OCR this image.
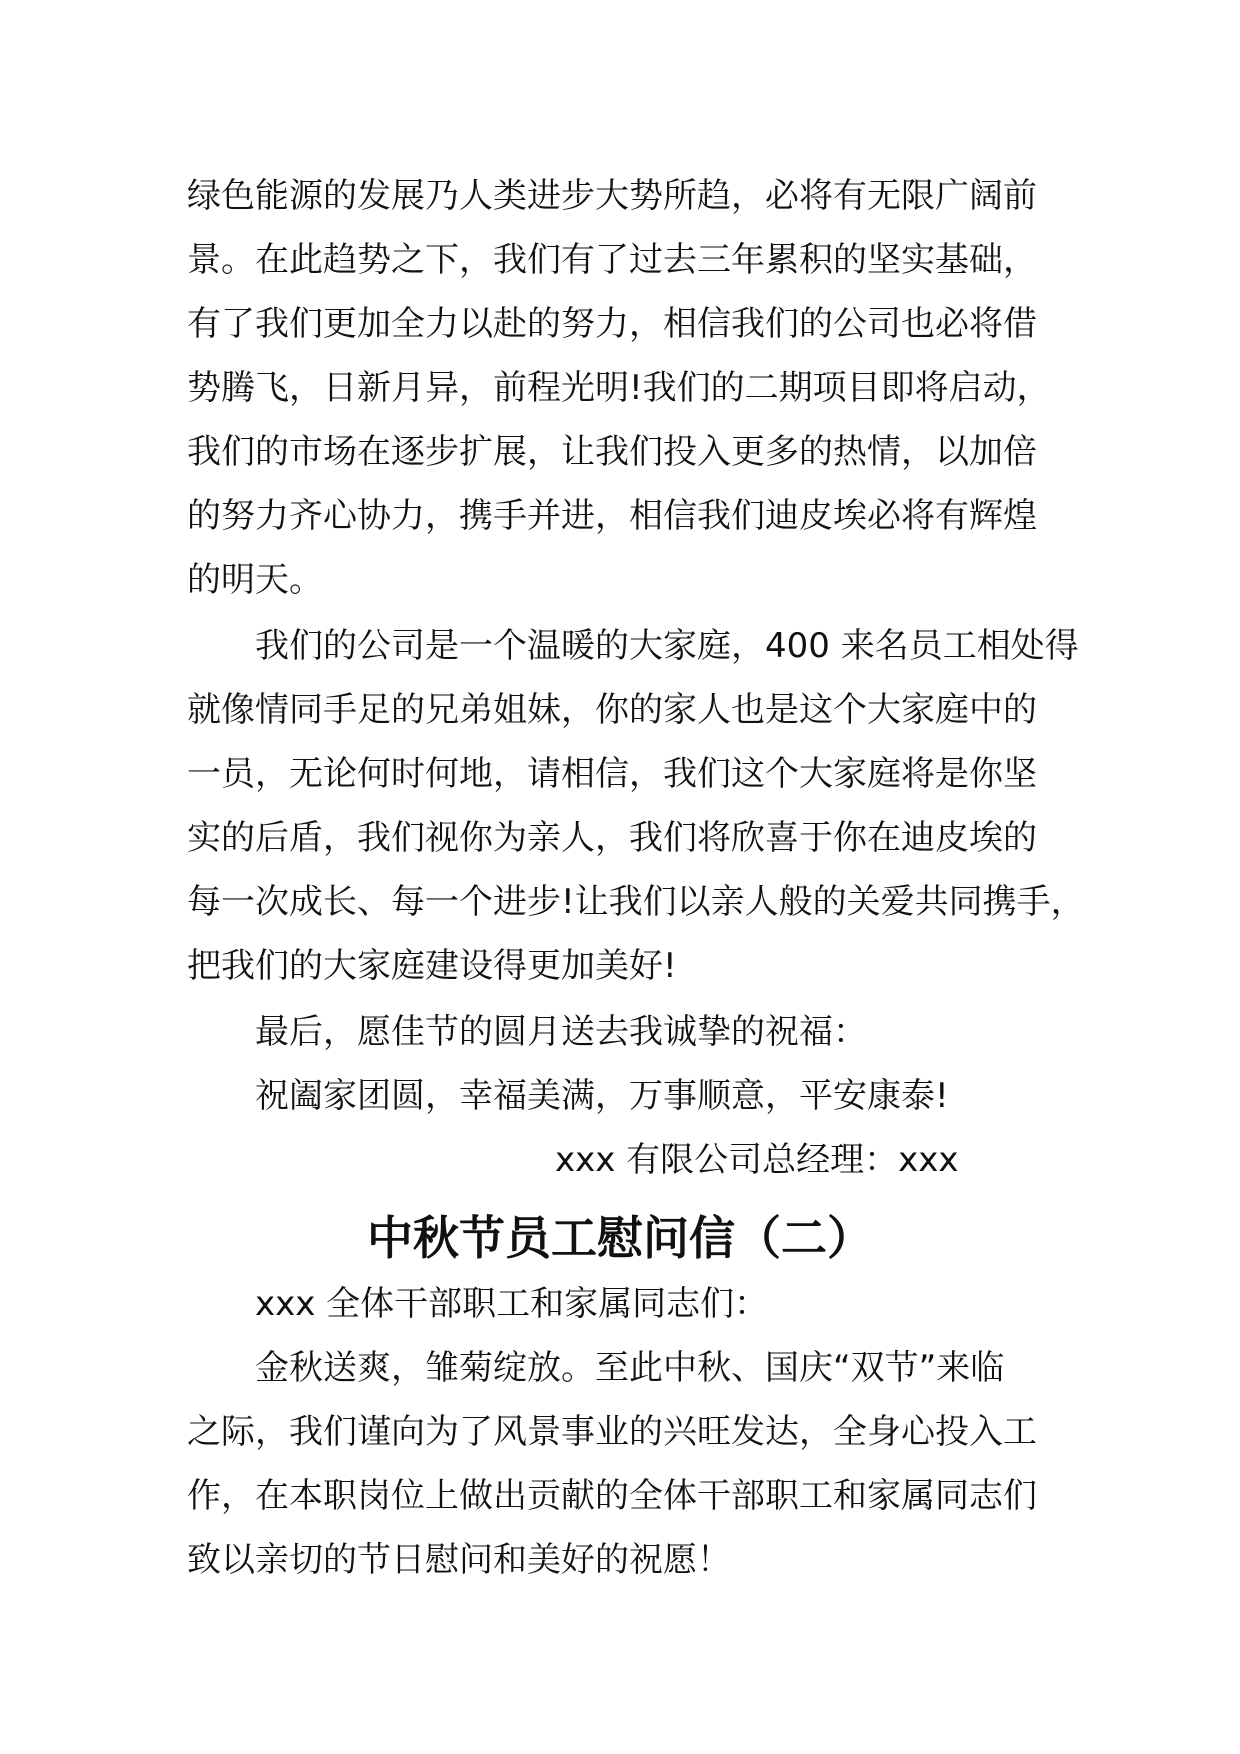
绿色能源的发展乃人类进步大势所趋，必将有无限广阔前
景。在此趋势之下，我们有了过去三年累积的坚实基础，
有了我们更加全力以赴的努力，相信我们的公司也必将借
势腾飞，日新月异，前程光明!我们的二期项目即将启动，
我们的市场在逐步扩展，让我们投入更多的热情，以加倍
的努力齐心协力，携手并进，相信我们迪皮埃必将有辉煌
的明天。
我们的公司是一个温暖的大家庭，400 来名员工相处得
就像情同手足的兄弟姐妹，你的家人也是这个大家庭中的
一员，无论何时何地，请相信，我们这个大家庭将是你坚
实的后盾，我们视你为亲人，我们将欣喜于你在迪皮埃的
每一次成长、每一个进步!让我们以亲人般的关爱共同携手，
把我们的大家庭建设得更加美好!
最后，愿佳节的圆月送去我诚挚的祝福：
祝阖家团圆，幸福美满，万事顺意，平安康泰!
xxx 有限公司总经理：xxx
中秋节员工慰问信（二）
xxx 全体干部职工和家属同志们：
金秋送爽，雏菊绽放。至此中秋、国庆“双节”来临
之际，我们谨向为了风景事业的兴旺发达，全身心投入工
作，在本职岗位上做出贡献的全体干部职工和家属同志们
致以亲切的节日慰问和美好的祝愿！
